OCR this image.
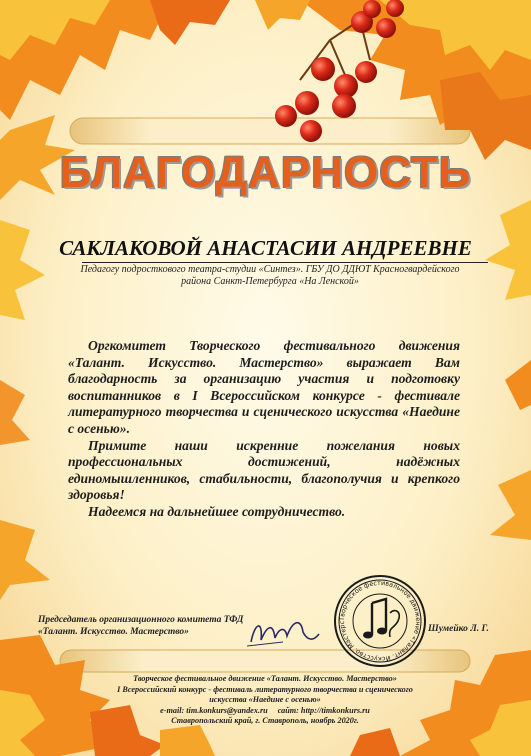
БЛАГОДАРНОСТЬ
САКЛАКОВОЙ АНАСТАСИИ АНДРЕЕВНЕ
Педагогу подросткового театра-студии «Синтез». ГБУ ДО ДДЮТ Красногвардейского
района Санкт-Петербурга «На Ленской»

Оргкомитет Творческого фестивального движения «Талант. Искусство. Мастерство» выражает Вам благодарность за организацию участия и подготовку воспитанников в I Всероссийском конкурсе - фестивале литературного творчества и сценического искусства «Наедине с осенью».

Примите наши искренние пожелания новых профессиональных достижений, надёжных единомышленников, стабильности, благополучия и крепкого здоровья!

Надеемся на дальнейшее сотрудничество.

Председатель организационного комитета ТФД
«Талант. Искусство. Мастерство»
Творческое фестивальное движение «Талант. Искусство. Мастерс
Шумейко Л. Г.
Творческое фестивальное движение «Талант. Искусство. Мастерство»
I Всероссийский конкурс - фестиваль литературного творчества и сценического
искусства «Наедине с осенью»
e-mail: tim.konkurs@yandex.ru сайт: http://timkonkurs.ru
Ставропольский край, г. Ставрополь, ноябрь 2020г.
